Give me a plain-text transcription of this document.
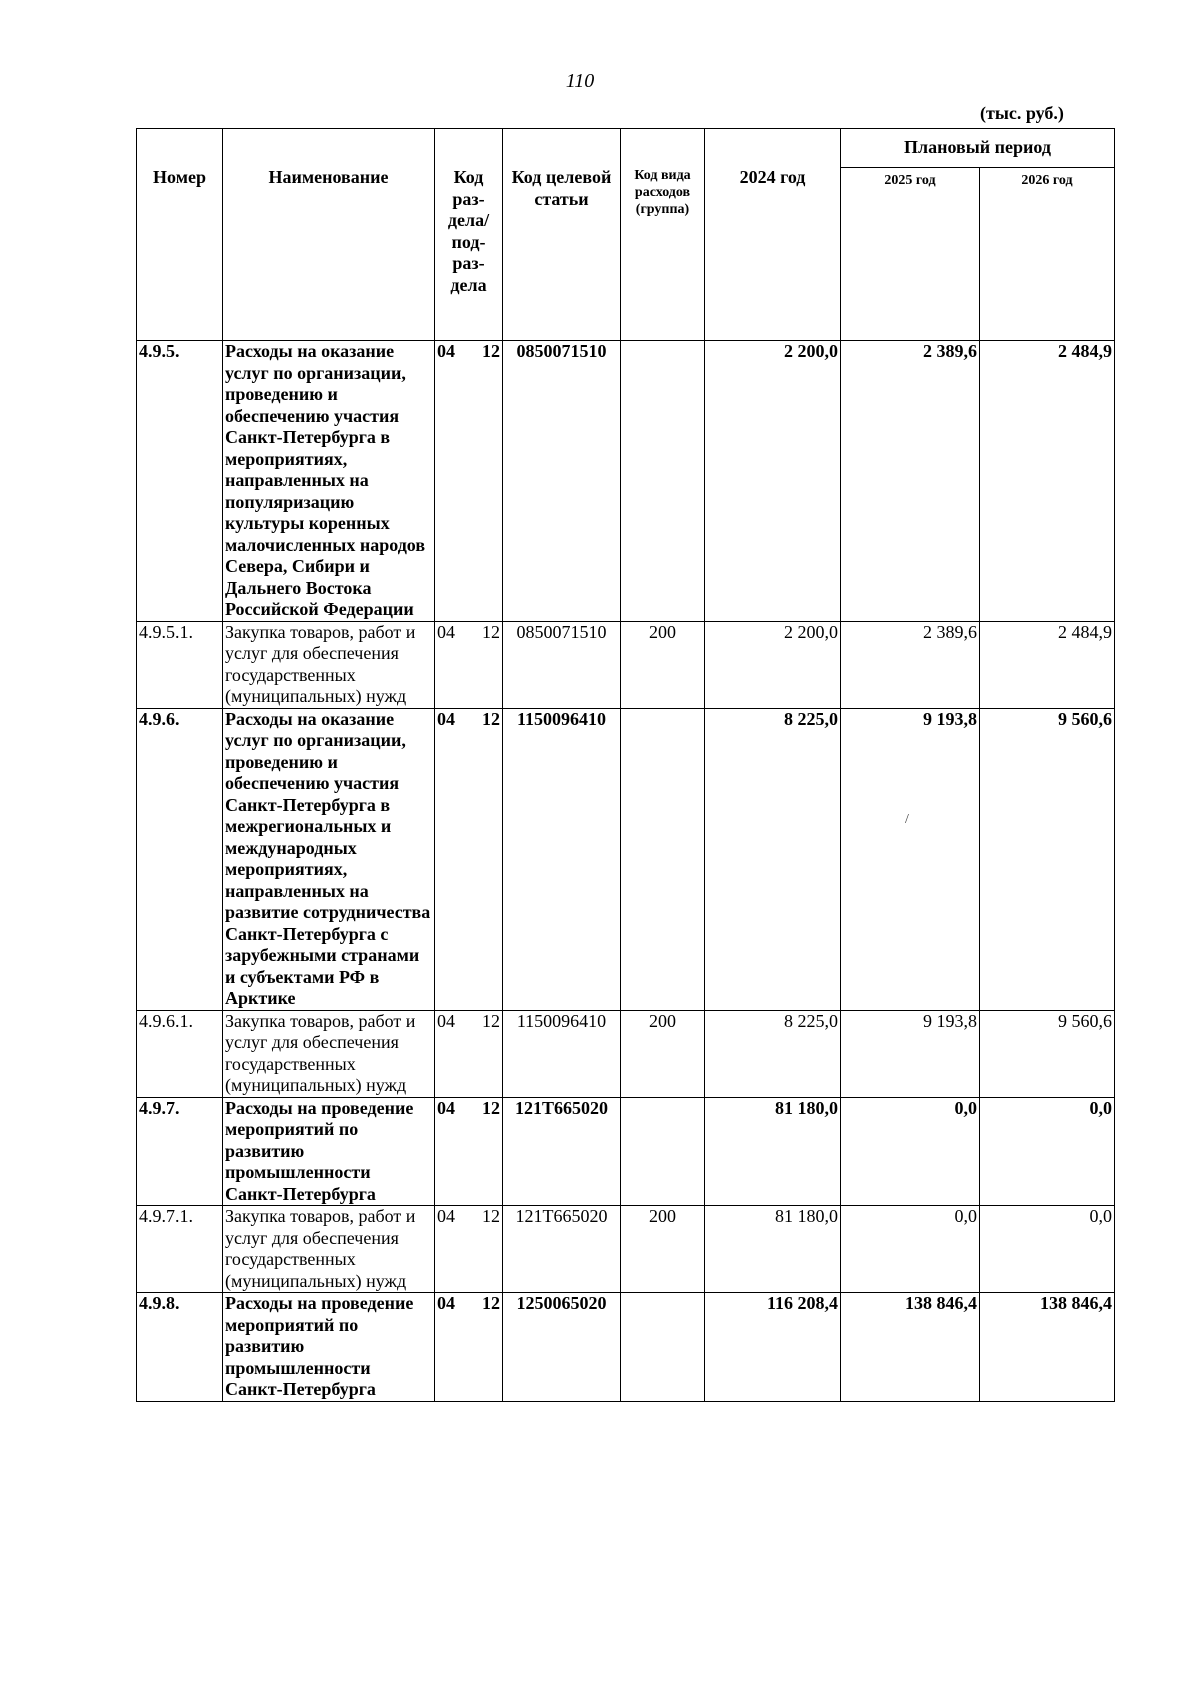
110
(тыс. руб.)
Номер	Наименование	Код раз-дела/ под-раз-дела	Код целевой статьи	Код вида расходов (группа)	2024 год	Плановый период	
						2025 год	2026 год
4.9.5.	Расходы на оказание услуг по организации, проведению и обеспечению участия Санкт-Петербурга в мероприятиях, направленных на популяризацию культуры коренных малочисленных народов Севера, Сибири и Дальнего Востока Российской Федерации	04 12	0850071510		2 200,0	2 389,6	2 484,9
4.9.5.1.	Закупка товаров, работ и услуг для обеспечения государственных (муниципальных) нужд	04 12	0850071510	200	2 200,0	2 389,6	2 484,9
4.9.6.	Расходы на оказание услуг по организации, проведению и обеспечению участия Санкт-Петербурга в межрегиональных и международных мероприятиях, направленных на развитие сотрудничества Санкт-Петербурга с зарубежными странами и субъектами РФ в Арктике	04 12	1150096410		8 225,0	9 193,8	9 560,6
4.9.6.1.	Закупка товаров, работ и услуг для обеспечения государственных (муниципальных) нужд	04 12	1150096410	200	8 225,0	9 193,8	9 560,6
4.9.7.	Расходы на проведение мероприятий по развитию промышленности Санкт-Петербурга	04 12	121Т665020		81 180,0	0,0	0,0
4.9.7.1.	Закупка товаров, работ и услуг для обеспечения государственных (муниципальных) нужд	04 12	121Т665020	200	81 180,0	0,0	0,0
4.9.8.	Расходы на проведение мероприятий по развитию промышленности Санкт-Петербурга	04 12	1250065020		116 208,4	138 846,4	138 846,4
/
